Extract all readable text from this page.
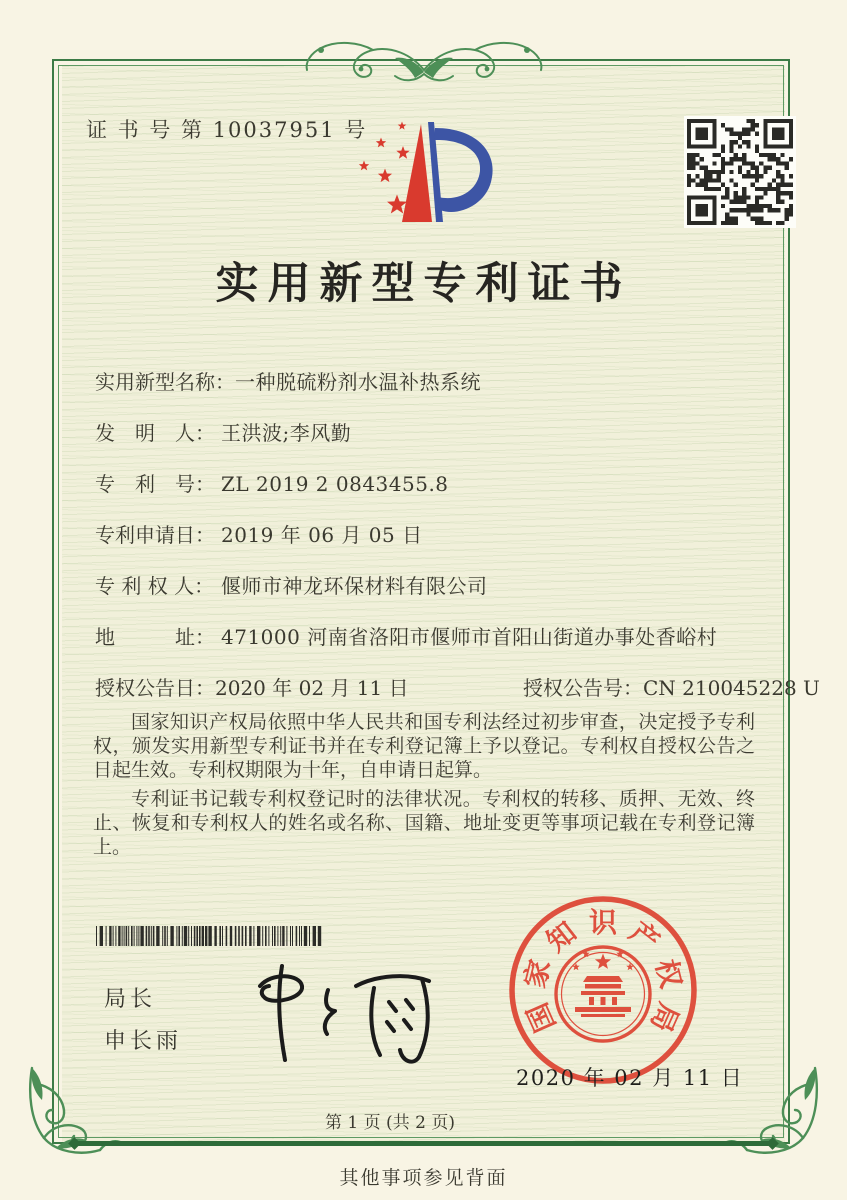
证 书 号 第 10037951 号
实用新型专利证书
实用新型名称：一种脱硫粉剂水温补热系统
发　明　人： 王洪波;李风勤
专　利　号： ZL 2019 2 0843455.8
专利申请日： 2019 年 06 月 05 日
专 利 权 人： 偃师市神龙环保材料有限公司
地　　　址： 471000 河南省洛阳市偃师市首阳山街道办事处香峪村
授权公告日：2020 年 02 月 11 日	授权公告号：CN 210045228 U

国家知识产权局依照中华人民共和国专利法经过初步审查，决定授予专利权，颁发实用新型专利证书并在专利登记簿上予以登记。专利权自授权公告之日起生效。专利权期限为十年，自申请日起算。

专利证书记载专利权登记时的法律状况。专利权的转移、质押、无效、终止、恢复和专利权人的姓名或名称、国籍、地址变更等事项记载在专利登记簿上。

局长
申长雨
国
家
知 识 产
权
局
2020 年 02 月 11 日
第 1 页 (共 2 页)
其他事项参见背面
